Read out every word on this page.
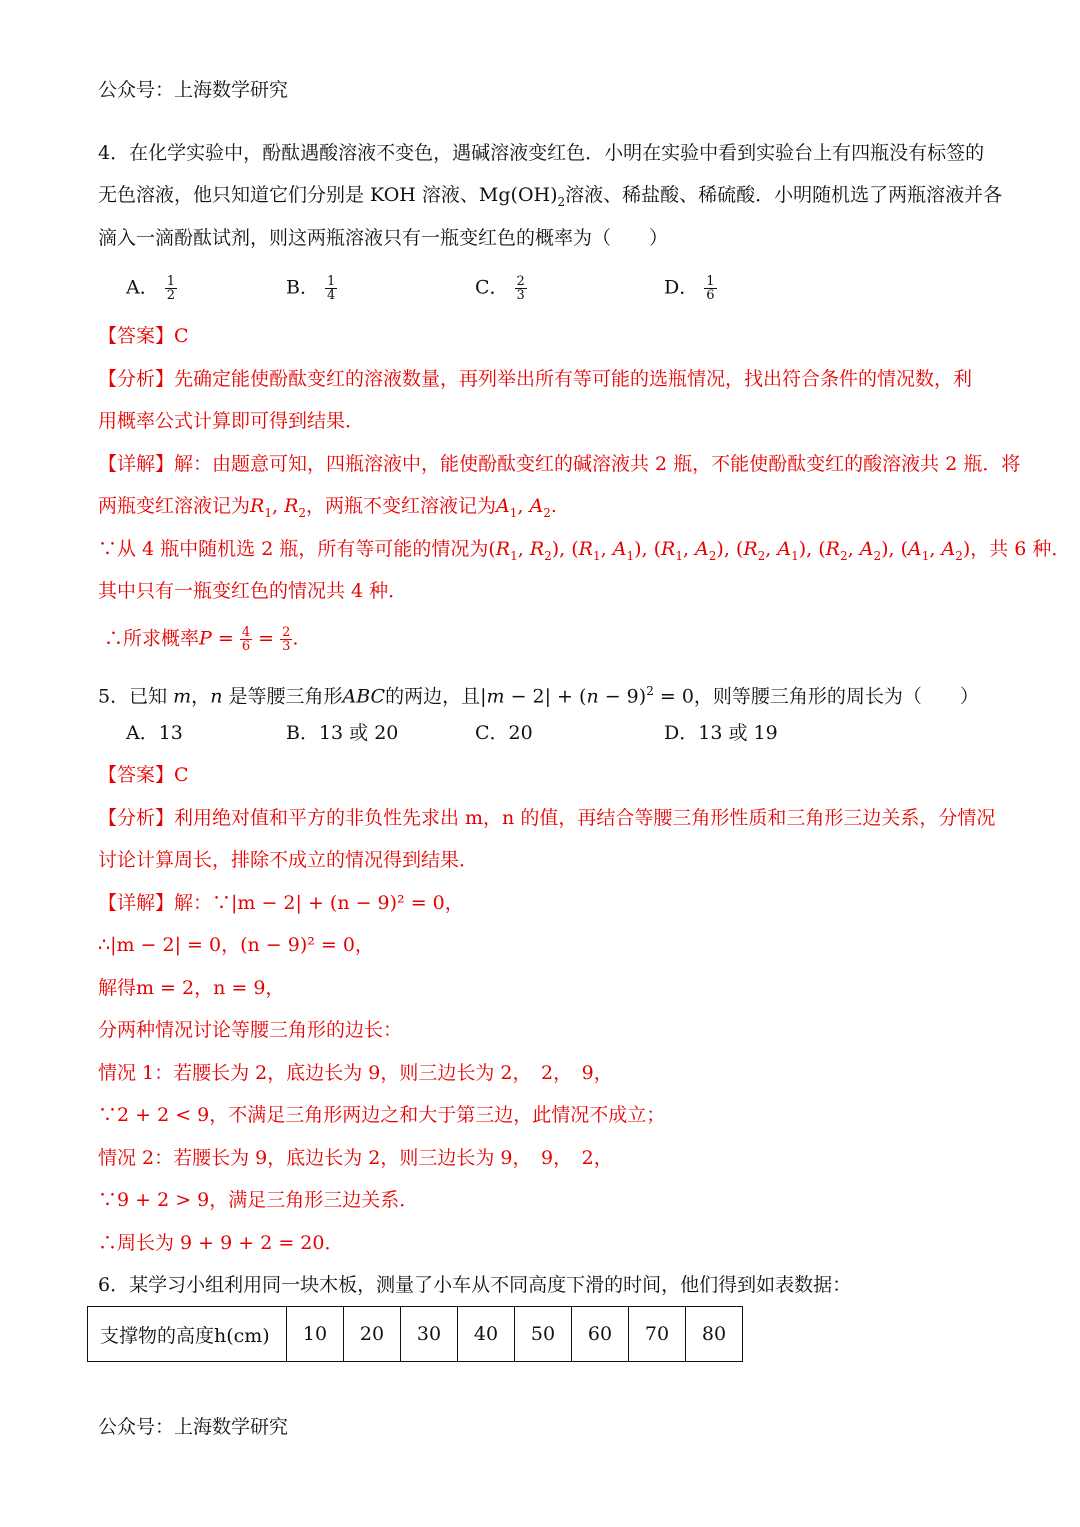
公众号：上海数学研究
4．在化学实验中，酚酞遇酸溶液不变色，遇碱溶液变红色．小明在实验中看到实验台上有四瓶没有标签的
无色溶液，他只知道它们分别是 KOH 溶液、$Mg(OH)_2$溶液、稀盐酸、稀硫酸．小明随机选了两瓶溶液并各
滴入一滴酚酞试剂，则这两瓶溶液只有一瓶变红色的概率为（　　）
A． $\frac{1}{2}$	B． $\frac{1}{4}$	C． $\frac{2}{3}$	D． $\frac{1}{6}$
【答案】C
【分析】先确定能使酚酞变红的溶液数量，再列举出所有等可能的选瓶情况，找出符合条件的情况数，利
用概率公式计算即可得到结果．
【详解】解：由题意可知，四瓶溶液中，能使酚酞变红的碱溶液共 2 瓶，不能使酚酞变红的酸溶液共 2 瓶．将
两瓶变红溶液记为$R_1$, $R_2$，两瓶不变红溶液记为$A_1$, $A_2$.
∵从 4 瓶中随机选 2 瓶，所有等可能的情况为($R_1$, $R_2$), ($R_1$, $A_1$), ($R_1$, $A_2$), ($R_2$, $A_1$), ($R_2$, $A_2$), ($A_1$, $A_2$)，共 6 种．
其中只有一瓶变红色的情况共 4 种．
∴所求概率$P = \frac{4}{6} = \frac{2}{3}$ .
5．已知 m，n 是等腰三角形ABC的两边，且$|m - 2| + (n - 9)^2 = 0$，则等腰三角形的周长为（　　）
A．13	B．13 或 20	C．20	D．13 或 19
【答案】C
【分析】利用绝对值和平方的非负性先求出 m，n 的值，再结合等腰三角形性质和三角形三边关系，分情况
讨论计算周长，排除不成立的情况得到结果．
【详解】解：∵|m − 2| + (n − 9)² = 0，
∴|m − 2| = 0，(n − 9)² = 0，
解得m = 2，n = 9，
分两种情况讨论等腰三角形的边长：
情况 1：若腰长为 2，底边长为 9，则三边长为 2，　2，　9，
∵2 + 2 < 9，不满足三角形两边之和大于第三边，此情况不成立；
情况 2：若腰长为 9，底边长为 2，则三边长为 9，　9，　2，
∵9 + 2 > 9，满足三角形三边关系．
∴周长为 9 + 9 + 2 = 20．
6．某学习小组利用同一块木板，测量了小车从不同高度下滑的时间，他们得到如表数据：
支撑物的高度h(cm)	10	20	30	40	50	60	70	80
公众号：上海数学研究
